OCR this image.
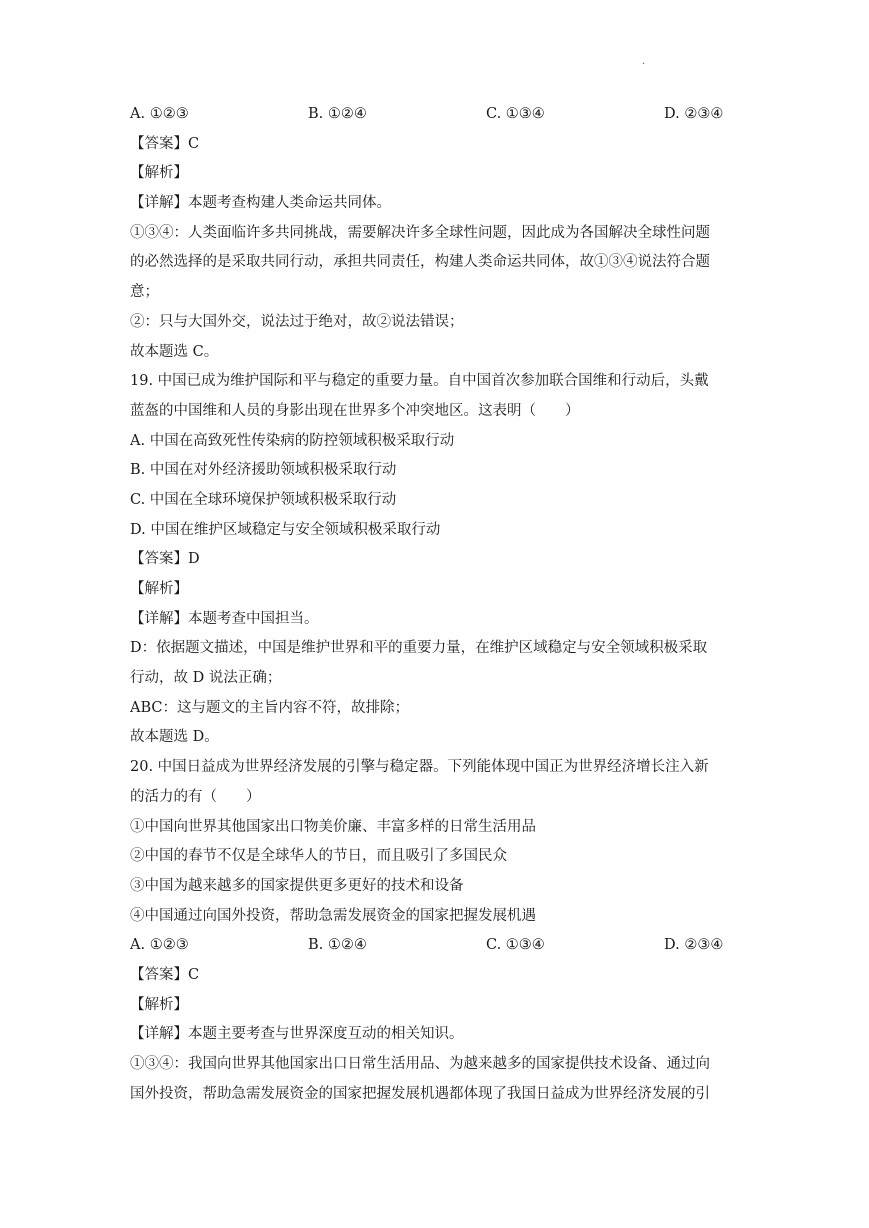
.
A. ①②③	B. ①②④	C. ①③④	D. ②③④
【答案】C
【解析】
【详解】本题考查构建人类命运共同体。
①③④：人类面临许多共同挑战，需要解决许多全球性问题，因此成为各国解决全球性问题
的必然选择的是采取共同行动，承担共同责任，构建人类命运共同体，故①③④说法符合题
意；
②：只与大国外交，说法过于绝对，故②说法错误；
故本题选 C。
19. 中国已成为维护国际和平与稳定的重要力量。自中国首次参加联合国维和行动后，头戴
蓝盔的中国维和人员的身影出现在世界多个冲突地区。这表明（　　）
A. 中国在高致死性传染病的防控领域积极采取行动
B. 中国在对外经济援助领域积极采取行动
C. 中国在全球环境保护领域积极采取行动
D. 中国在维护区域稳定与安全领域积极采取行动
【答案】D
【解析】
【详解】本题考查中国担当。
D：依据题文描述，中国是维护世界和平的重要力量，在维护区域稳定与安全领域积极采取
行动，故 D 说法正确；
ABC：这与题文的主旨内容不符，故排除；
故本题选 D。
20. 中国日益成为世界经济发展的引擎与稳定器。下列能体现中国正为世界经济增长注入新
的活力的有（　　）
①中国向世界其他国家出口物美价廉、丰富多样的日常生活用品
②中国的春节不仅是全球华人的节日，而且吸引了多国民众
③中国为越来越多的国家提供更多更好的技术和设备
④中国通过向国外投资，帮助急需发展资金的国家把握发展机遇
A. ①②③	B. ①②④	C. ①③④	D. ②③④
【答案】C
【解析】
【详解】本题主要考查与世界深度互动的相关知识。
①③④：我国向世界其他国家出口日常生活用品、为越来越多的国家提供技术设备、通过向
国外投资，帮助急需发展资金的国家把握发展机遇都体现了我国日益成为世界经济发展的引
